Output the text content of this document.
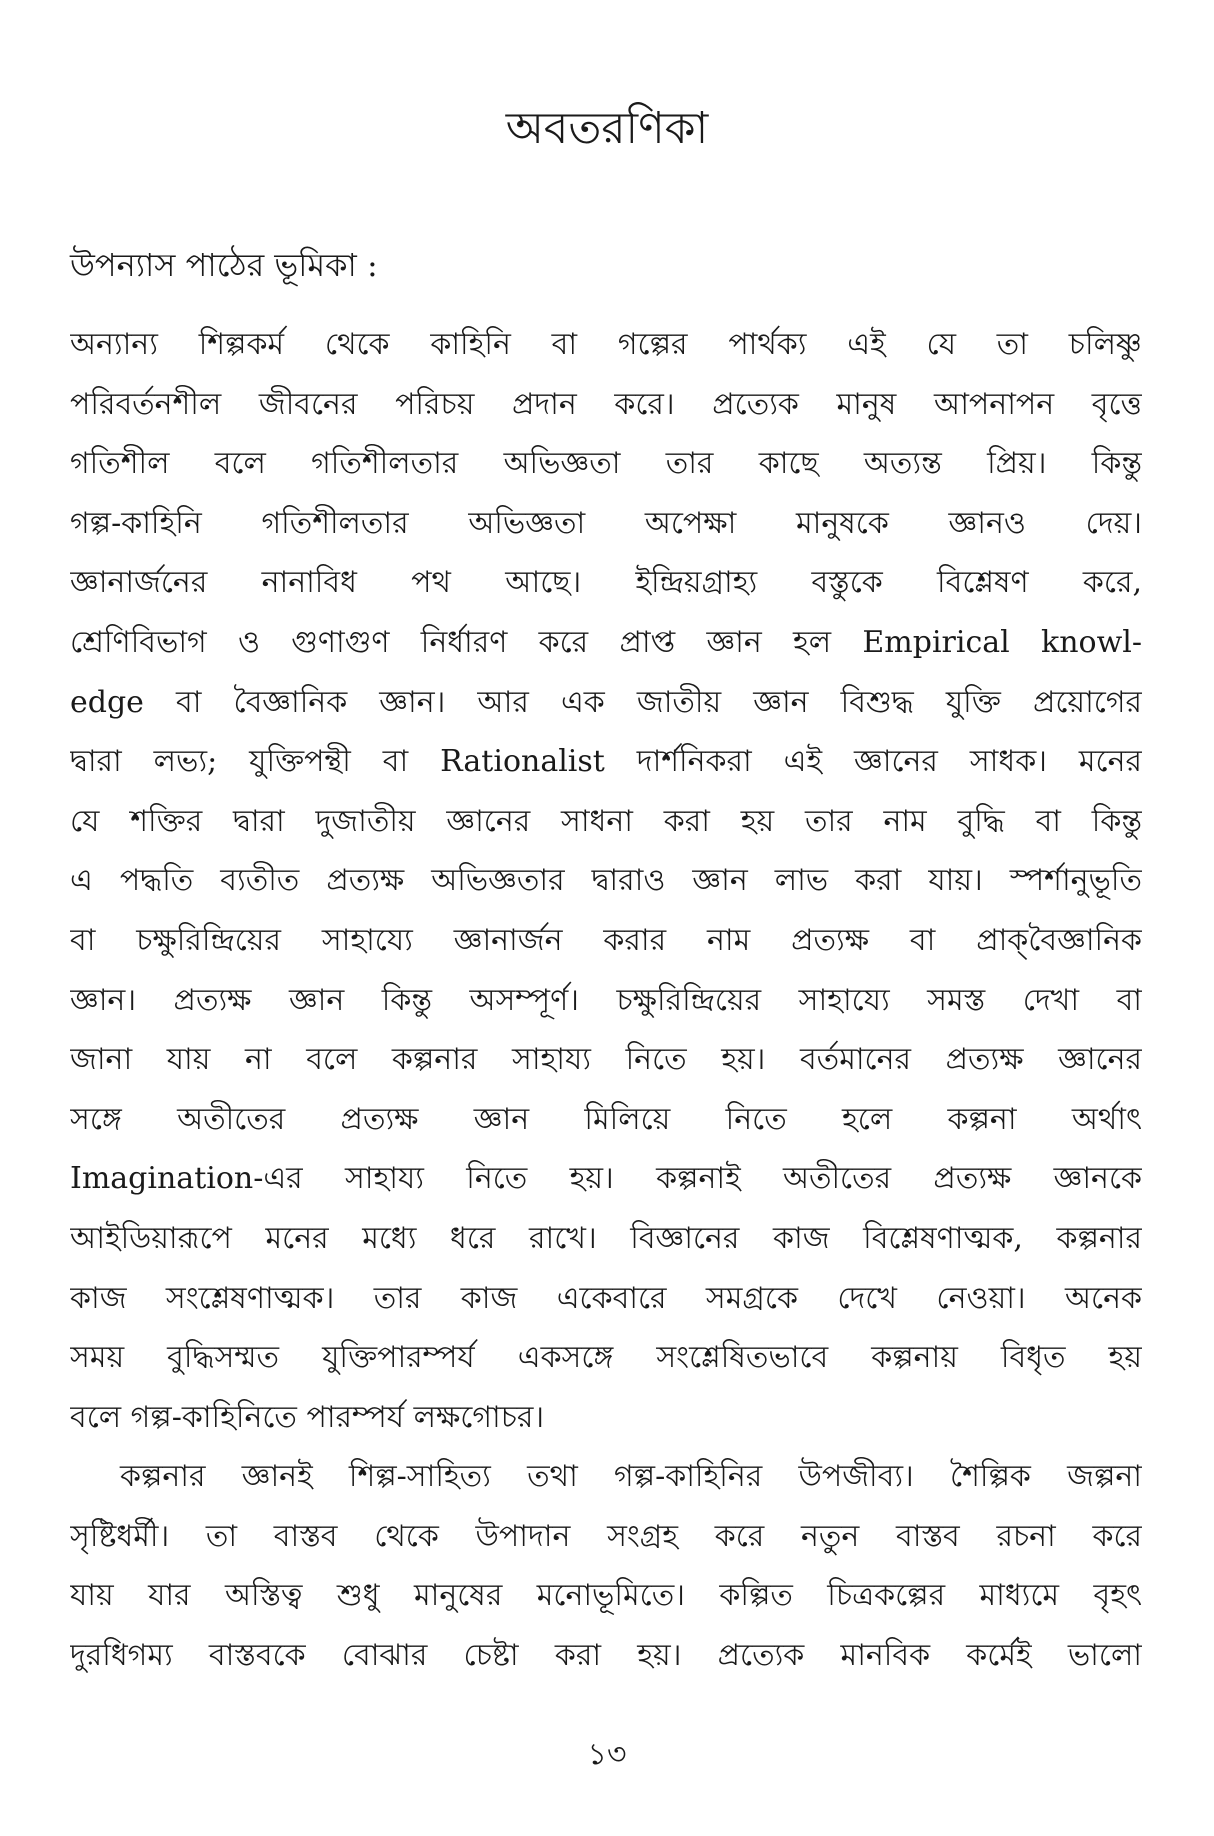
অবতরণিকা
উপন্যাস পাঠের ভূমিকা :
অন্যান্য শিল্পকর্ম থেকে কাহিনি বা গল্পের পার্থক্য এই যে তা চলিষ্ণু
পরিবর্তনশীল জীবনের পরিচয় প্রদান করে। প্রত্যেক মানুষ আপনাপন বৃত্তে
গতিশীল বলে গতিশীলতার অভিজ্ঞতা তার কাছে অত্যন্ত প্রিয়। কিন্তু
গল্প-কাহিনি গতিশীলতার অভিজ্ঞতা অপেক্ষা মানুষকে জ্ঞানও দেয়।
জ্ঞানার্জনের নানাবিধ পথ আছে। ইন্দ্রিয়গ্রাহ্য বস্তুকে বিশ্লেষণ করে,
শ্রেণিবিভাগ ও গুণাগুণ নির্ধারণ করে প্রাপ্ত জ্ঞান হল Empirical knowl-
edge বা বৈজ্ঞানিক জ্ঞান। আর এক জাতীয় জ্ঞান বিশুদ্ধ যুক্তি প্রয়োগের
দ্বারা লভ্য; যুক্তিপন্থী বা Rationalist দার্শনিকরা এই জ্ঞানের সাধক। মনের
যে শক্তির দ্বারা দুজাতীয় জ্ঞানের সাধনা করা হয় তার নাম বুদ্ধি বা কিন্তু
এ পদ্ধতি ব্যতীত প্রত্যক্ষ অভিজ্ঞতার দ্বারাও জ্ঞান লাভ করা যায়। স্পর্শানুভূতি
বা চক্ষুরিন্দ্রিয়ের সাহায্যে জ্ঞানার্জন করার নাম প্রত্যক্ষ বা প্রাক্‌বৈজ্ঞানিক
জ্ঞান। প্রত্যক্ষ জ্ঞান কিন্তু অসম্পূর্ণ। চক্ষুরিন্দ্রিয়ের সাহায্যে সমস্ত দেখা বা
জানা যায় না বলে কল্পনার সাহায্য নিতে হয়। বর্তমানের প্রত্যক্ষ জ্ঞানের
সঙ্গে অতীতের প্রত্যক্ষ জ্ঞান মিলিয়ে নিতে হলে কল্পনা অর্থাৎ
Imagination-এর সাহায্য নিতে হয়। কল্পনাই অতীতের প্রত্যক্ষ জ্ঞানকে
আইডিয়ারূপে মনের মধ্যে ধরে রাখে। বিজ্ঞানের কাজ বিশ্লেষণাত্মক, কল্পনার
কাজ সংশ্লেষণাত্মক। তার কাজ একেবারে সমগ্রকে দেখে নেওয়া। অনেক
সময় বুদ্ধিসম্মত যুক্তিপারম্পর্য একসঙ্গে সংশ্লেষিতভাবে কল্পনায় বিধৃত হয়
বলে গল্প-কাহিনিতে পারম্পর্য লক্ষগোচর।
কল্পনার জ্ঞানই শিল্প-সাহিত্য তথা গল্প-কাহিনির উপজীব্য। শৈল্পিক জল্পনা
সৃষ্টিধর্মী। তা বাস্তব থেকে উপাদান সংগ্রহ করে নতুন বাস্তব রচনা করে
যায় যার অস্তিত্ব শুধু মানুষের মনোভূমিতে। কল্পিত চিত্রকল্পের মাধ্যমে বৃহৎ
দুরধিগম্য বাস্তবকে বোঝার চেষ্টা করা হয়। প্রত্যেক মানবিক কর্মেই ভালো
১৩
